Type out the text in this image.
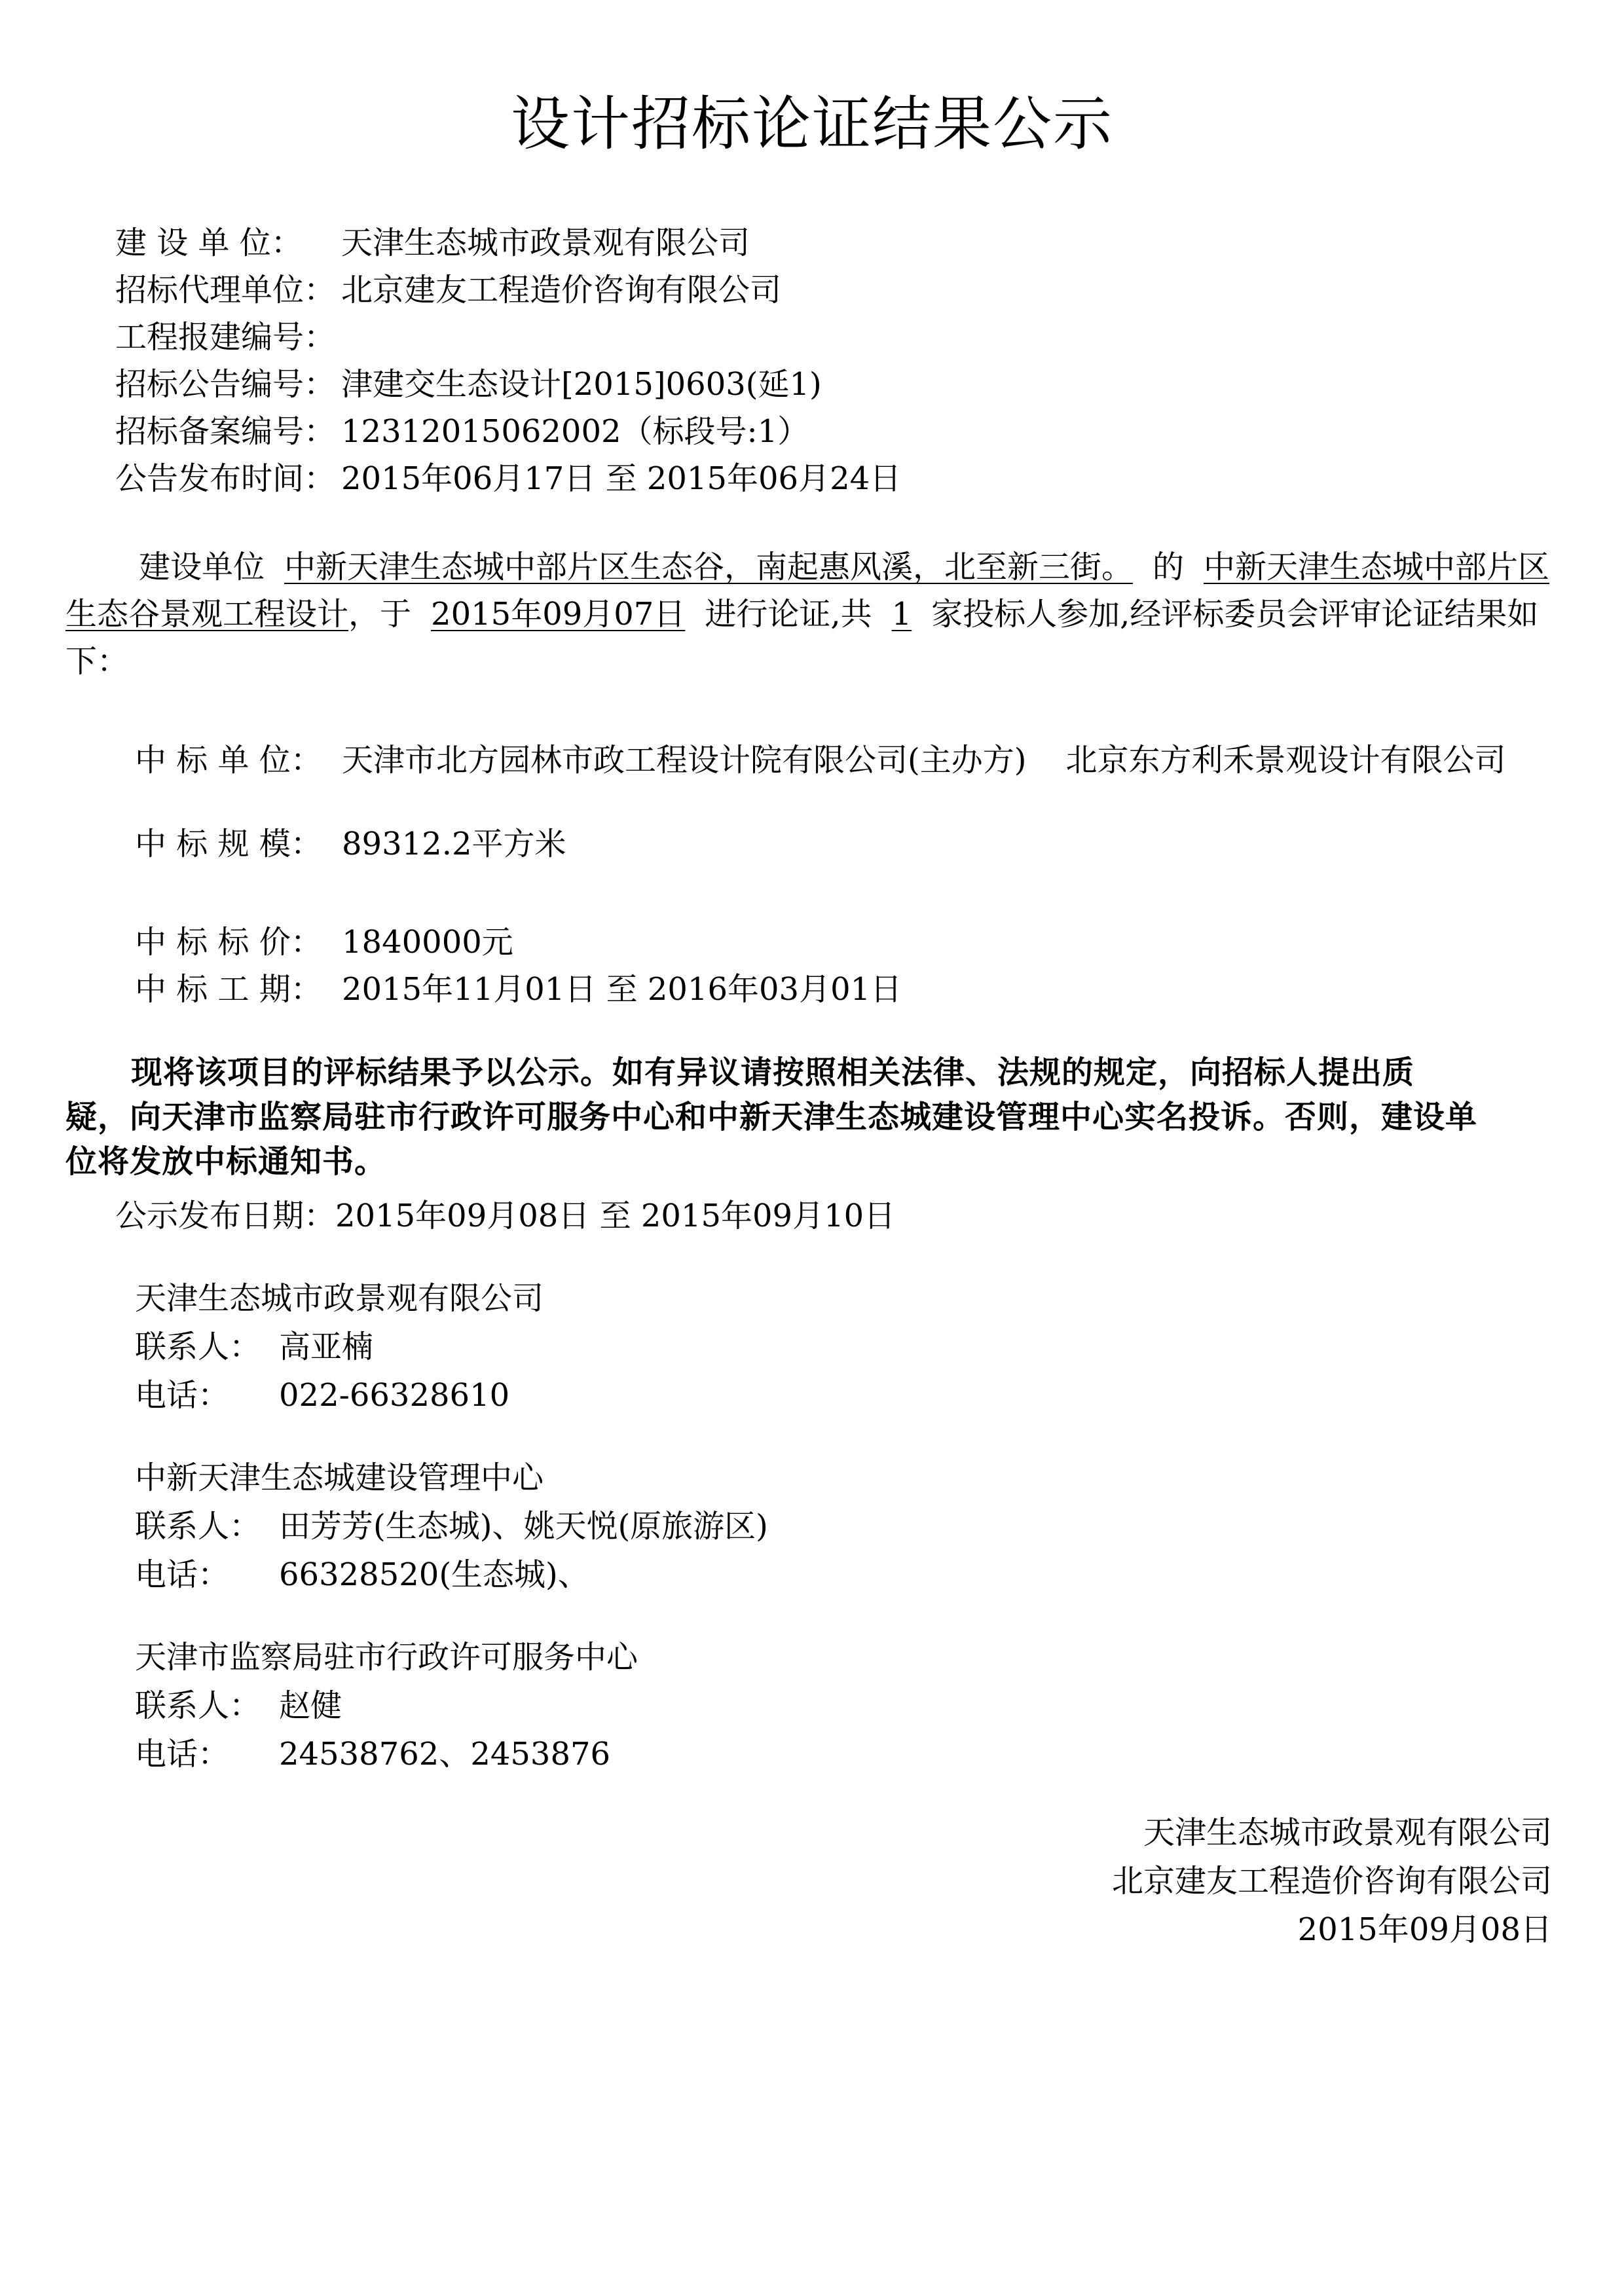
设计招标论证结果公示
建 设 单 位： 天津生态城市政景观有限公司
招标代理单位： 北京建友工程造价咨询有限公司
工程报建编号：
招标公告编号： 津建交生态设计[2015]0603(延1)
招标备案编号： 12312015062002（标段号:1）
公告发布时间： 2015年06月17日 至 2015年06月24日
建设单位 中新天津生态城中部片区生态谷，南起惠风溪，北至新三街。 的 中新天津生态城中部片区生态谷景观工程设计，于 2015年09月07日 进行论证,共 1 家投标人参加,经评标委员会评审论证结果如下：
中 标 单 位： 天津市北方园林市政工程设计院有限公司(主办方) 北京东方利禾景观设计有限公司
中 标 规 模： 89312.2平方米
中 标 标 价： 1840000元
中 标 工 期： 2015年11月01日 至 2016年03月01日
现将该项目的评标结果予以公示。如有异议请按照相关法律、法规的规定，向招标人提出质
疑，向天津市监察局驻市行政许可服务中心和中新天津生态城建设管理中心实名投诉。否则，建设单
位将发放中标通知书。
公示发布日期：2015年09月08日 至 2015年09月10日
天津生态城市政景观有限公司
联系人： 高亚楠
电话： 022-66328610
中新天津生态城建设管理中心
联系人： 田芳芳(生态城)、姚天悦(原旅游区)
电话： 66328520(生态城)、
天津市监察局驻市行政许可服务中心
联系人： 赵健
电话： 24538762、2453876
天津生态城市政景观有限公司
北京建友工程造价咨询有限公司
2015年09月08日
